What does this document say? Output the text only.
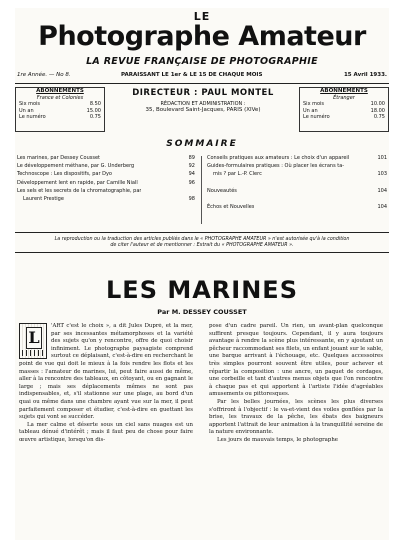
LE
Photographe Amateur
LA REVUE FRANÇAISE DE PHOTOGRAPHIE
1re Année. — No 8.	PARAISSANT LE 1er & LE 15 DE CHAQUE MOIS	15 Avril 1933.
ABONNEMENTS
France et Colonies
Six mois	8.50
Un an	15.00
Le numéro	0.75
DIRECTEUR : PAUL MONTEL
RÉDACTION ET ADMINISTRATION :
35, Boulevard Saint-Jacques, PARIS (XIVe)
ABONNEMENTS
Étranger
Six mois	10.00
Un an	18.00
Le numéro	0.75
SOMMAIRE
Les marines, par Dessey Cousset	89
Le développement méthane, par G. Underberg	92
Technoscope : Les dispositifs, par Dyo	94
Développement lent en rapide, par Camille Niall	96
Les sels et les secrets de la chromatographie, par
Laurent Prestige	98
Conseils pratiques aux amateurs : Le choix d'un appareil	101
Guides-formulaires pratiques : Où placer les écrans ta-
mis ? par L.-P. Clerc	103
Nouveautés	104
Échos et Nouvelles	104
La reproduction ou la traduction des articles publiés dans le « PHOTOGRAPHE AMATEUR » n'est autorisée qu'à la condition
de citer l'auteur et de mentionner : Extrait du « PHOTOGRAPHE AMATEUR ».
LES MARINES
Par M. DESSEY COUSSET
L

'ART c'est le choix », a dit Jules Dupré, et la mer, par ses incessantes métamorphoses et la variété des sujets qu'on y rencontre, offre de quoi choisir infiniment. Le photographe paysagiste comprend surtout ce déplaisant, c'est-à-dire en recherchant le point de vue qui doit le mieux à la fois rendre les flots et les masses : l'amateur de marines, lui, peut faire aussi de même, aller à la rencontre des tableaux, en côtoyant, ou en gagnant le large ; mais ses déplacements mêmes ne sont pas indispensables, et, s'il stationne sur une plage, au bord d'un quai ou même dans une chambre ayant vue sur la mer, il peut parfaitement composer et étudier, c'est-à-dire en guettant les sujets qui vont se succéder.

La mer calme et déserte sous un ciel sans nuages est un tableau dénué d'intérêt ; mais il faut peu de chose pour faire œuvre artistique, lorsqu'on dis-

pose d'un cadre pareil. Un rien, un avant-plan quelconque suffirent presque toujours. Cependant, il y aura toujours avantage à rendre la scène plus intéressante, en y ajoutant un pêcheur raccommodant ses filets, un enfant jouant sur le sable, une barque arrivant à l'échouage, etc. Quelques accessoires très simples pourront souvent être utiles, pour achever et répartir la composition : une ancre, un paquet de cordages, une corbeille et tant d'autres menus objets que l'on rencontre à chaque pas et qui apportent à l'artiste l'idée d'agréables amusements ou pittoresques.

Par les belles journées, les scènes les plus diverses s'offriront à l'objectif : le va-et-vient des voiles gonflées par la brise, les travaux de la pêche, les ébats des baigneurs apportent l'attrait de leur animation à la tranquillité sereine de la nature environnante.

Les jours de mauvais temps, le photographe
